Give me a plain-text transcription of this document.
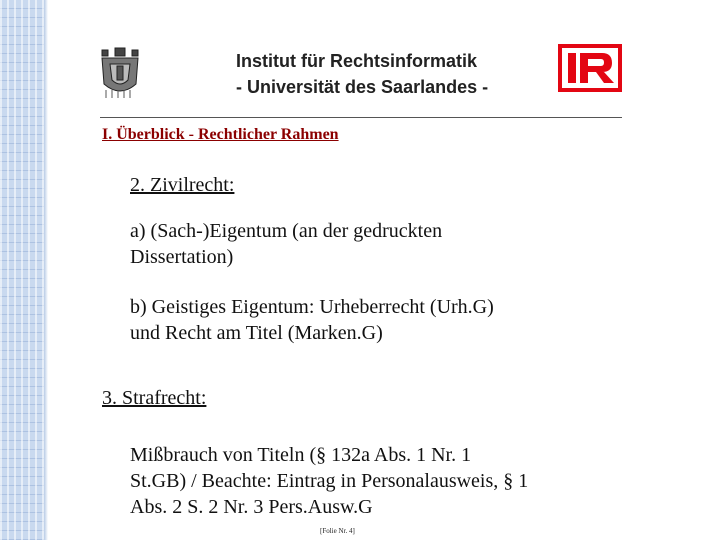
Institut für Rechtsinformatik

- Universität des Saarlandes -

I. Überblick - Rechtlicher Rahmen

2. Zivilrecht:

a) (Sach-)Eigentum (an der gedruckten
Dissertation)

b) Geistiges Eigentum: Urheberrecht (Urh.G)
und Recht am Titel (Marken.G)

3. Strafrecht:

Mißbrauch von Titeln (§ 132a Abs. 1 Nr. 1
St.GB) / Beachte: Eintrag in Personalausweis, § 1
Abs. 2 S. 2 Nr. 3 Pers.Ausw.G

[Folie Nr. 4]
